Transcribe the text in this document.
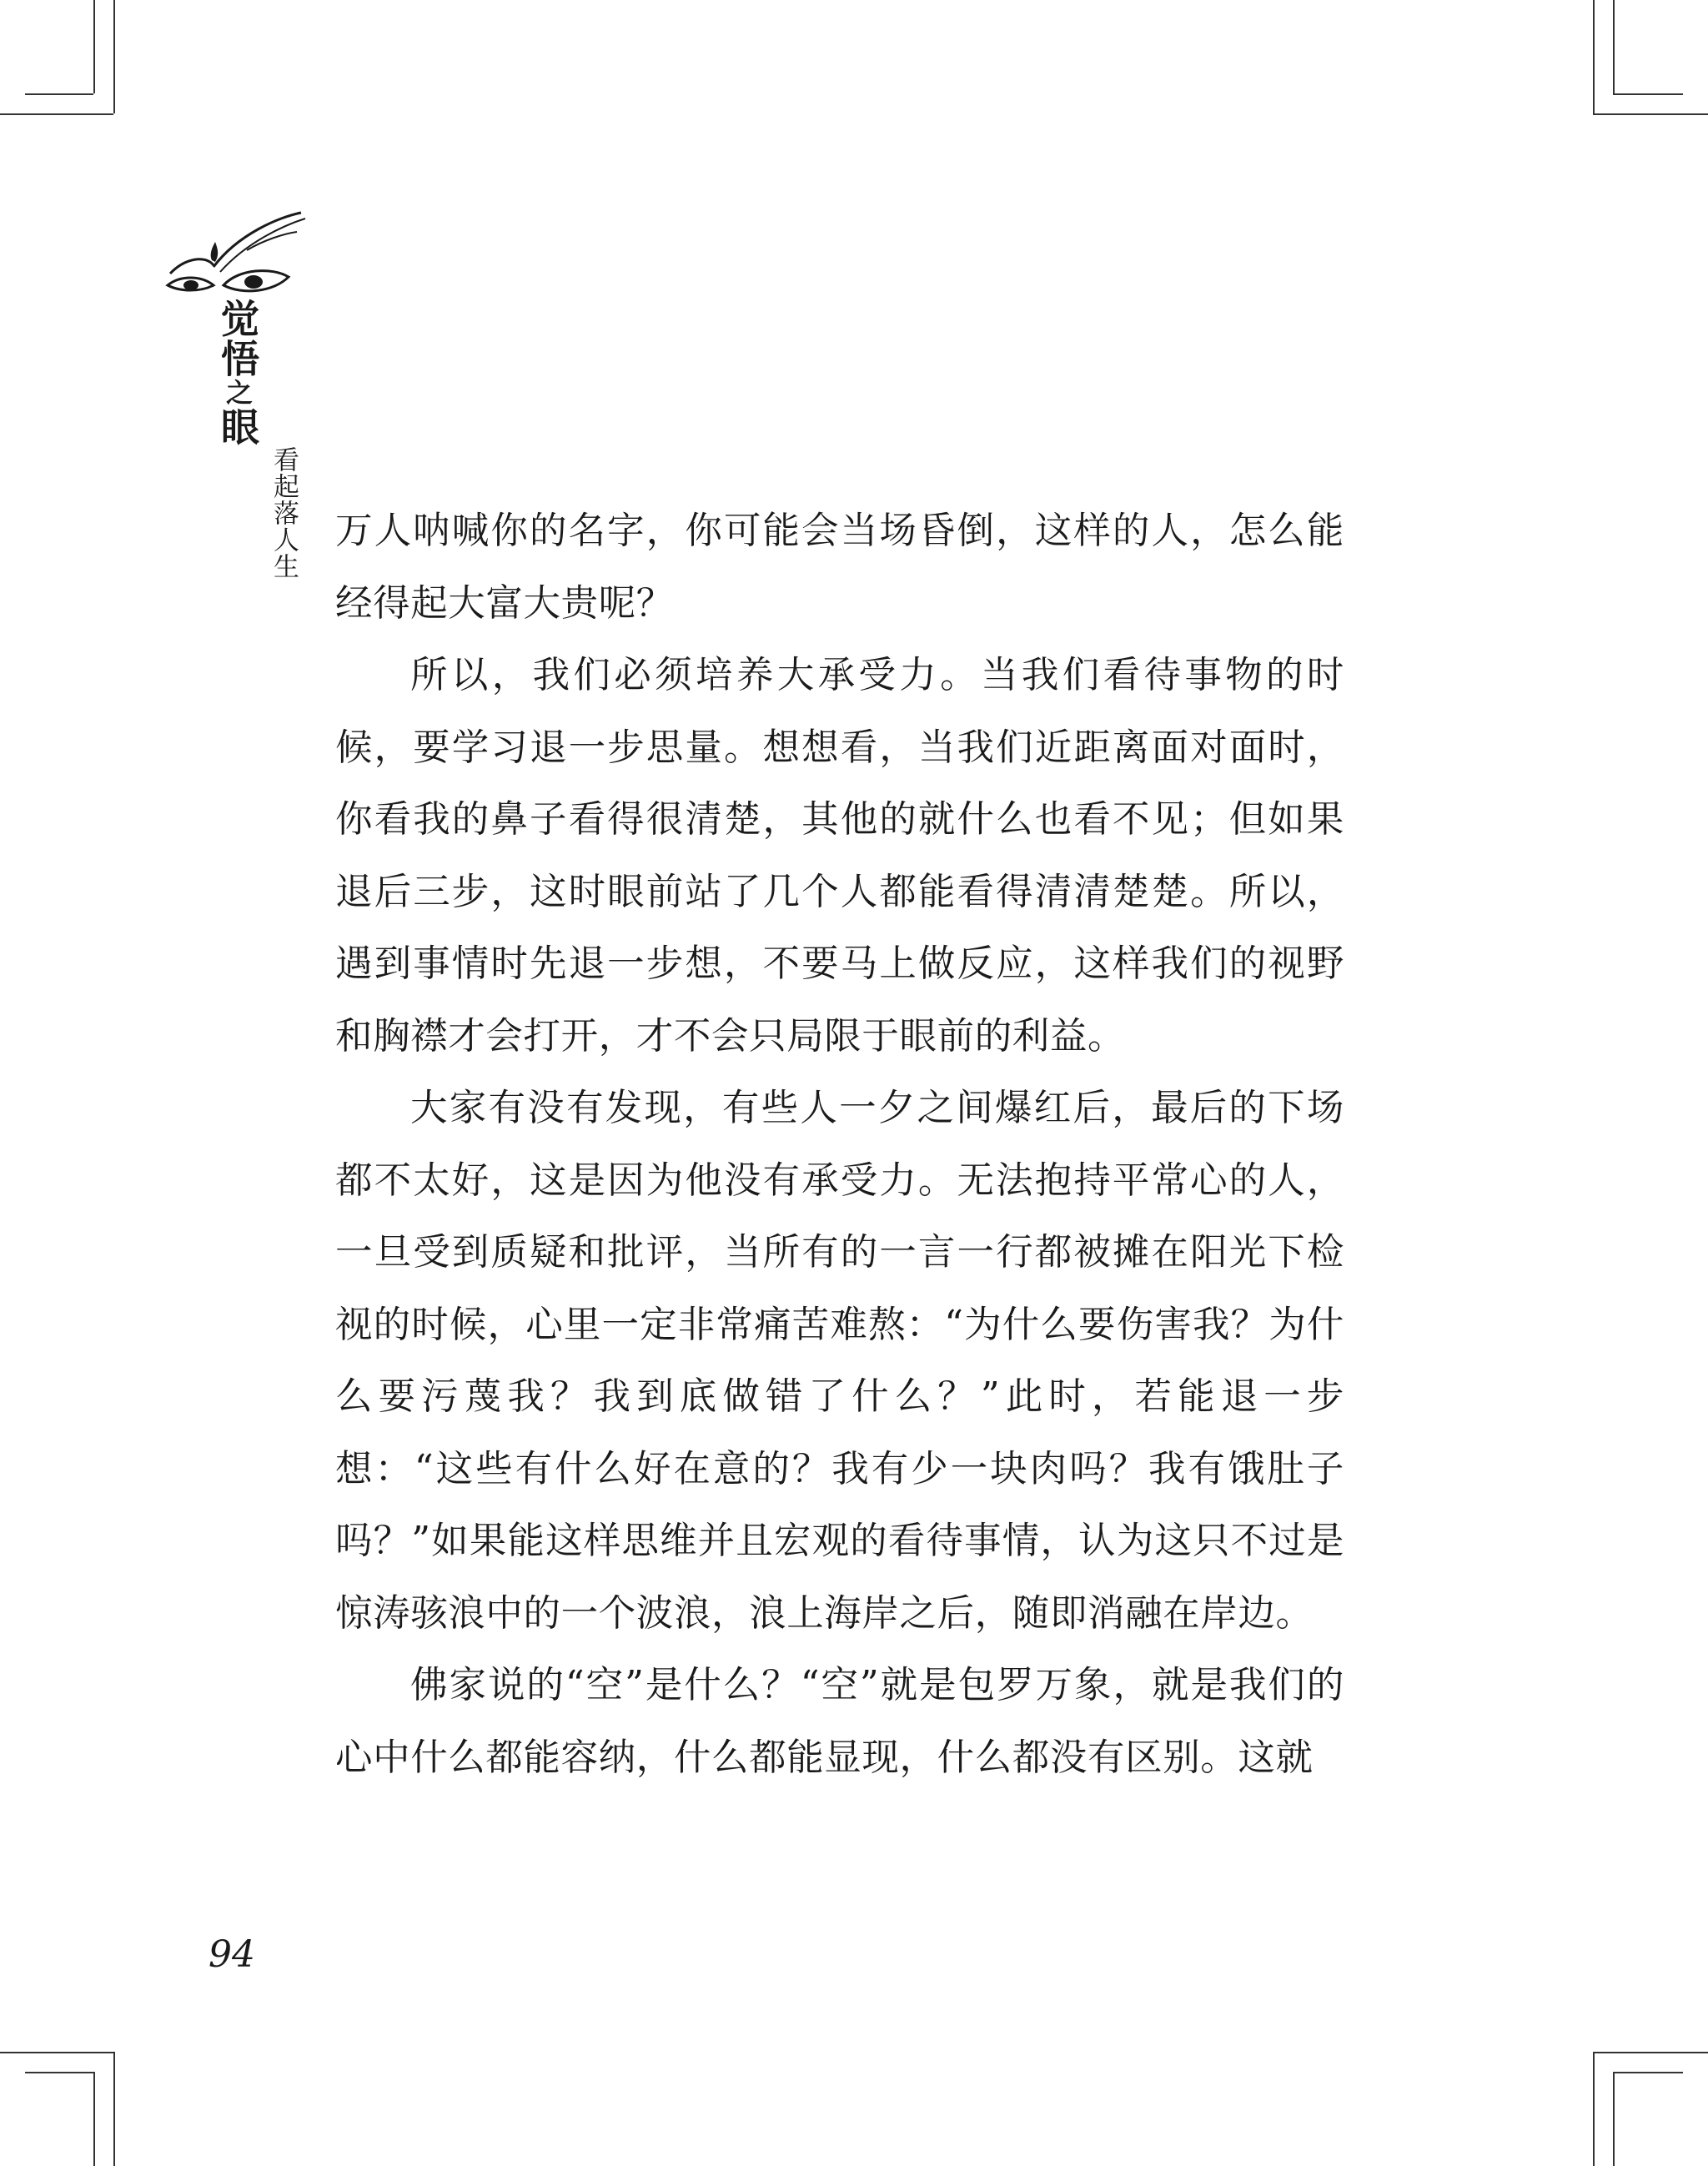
觉悟之眼
看起落人生 万人呐喊你的名字，你可能会当场昏倒，这样的人，怎么能经得起大富大贵呢？

所以，我们必须培养大承受力。当我们看待事物的时候，要学习退一步思量。想想看，当我们近距离面对面时，你看我的鼻子看得很清楚，其他的就什么也看不见；但如果退后三步，这时眼前站了几个人都能看得清清楚楚。所以，遇到事情时先退一步想，不要马上做反应，这样我们的视野和胸襟才会打开，才不会只局限于眼前的利益。

大家有没有发现，有些人一夕之间爆红后，最后的下场都不太好，这是因为他没有承受力。无法抱持平常心的人，一旦受到质疑和批评，当所有的一言一行都被摊在阳光下检视的时候，心里一定非常痛苦难熬：“为什么要伤害我？为什么要污蔑我？我到底做错了什么？”此时，若能退一步想：“这些有什么好在意的？我有少一块肉吗？我有饿肚子吗？”如果能这样思维并且宏观的看待事情，认为这只不过是惊涛骇浪中的一个波浪，浪上海岸之后，随即消融在岸边。

佛家说的“空”是什么？“空”就是包罗万象，就是我们的心中什么都能容纳，什么都能显现，什么都没有区别。这就

94
